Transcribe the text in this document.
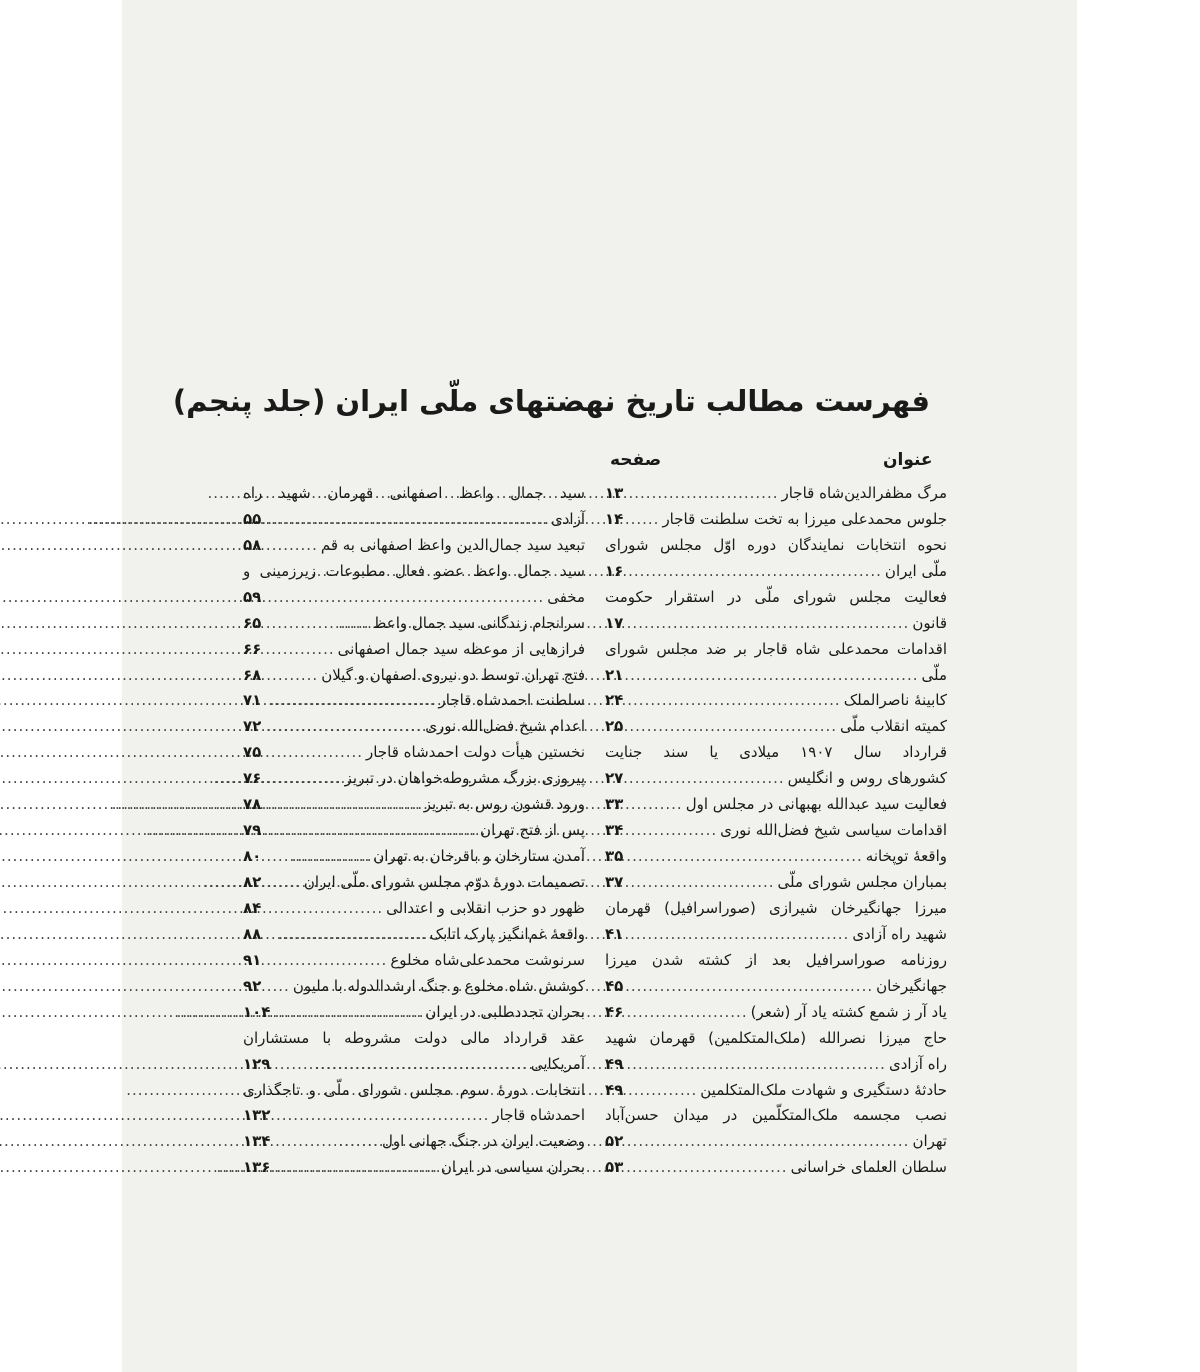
فهرست مطالب تاریخ نهضتهای ملّی ایران (جلد پنجم)
عنوان
صفحه
مرگ مظفرالدین‌شاه قاجار
.....
۱۳
جلوس محمدعلی میرزا به تخت سلطنت قاجار
.....
۱۴
نحوه انتخابات نمایندگان دوره اوّل مجلس شورای
ملّی ایران
.....
۱۶
فعالیت مجلس شورای ملّی در استقرار حکومت
قانون
.....
۱۷
اقدامات محمدعلی شاه قاجار بر ضد مجلس شورای
ملّی
.....
۲۱
کابینهٔ ناصرالملک
.....
۲۴
کمیته انقلاب ملّی
.....
۲۵
قرارداد سال ۱۹۰۷ میلادی یا سند جنایت
کشورهای روس و انگلیس
.....
۲۷
فعالیت سید عبدالله بهبهانی در مجلس اول
.....
۳۳
اقدامات سیاسی شیخ فضل‌الله نوری
.....
۳۴
واقعهٔ توپخانه
.....
۳۵
بمباران مجلس شورای ملّی
.....
۳۷
میرزا جهانگیرخان شیرازی (صوراسرافیل) قهرمان
شهید راه آزادی
.....
۴۱
روزنامه صوراسرافیل بعد از کشته شدن میرزا
جهانگیرخان
.....
۴۵
یاد آر ز شمع کشته یاد آر (شعر)
.....
۴۶
حاج میرزا نصرالله (ملک‌المتکلمین) قهرمان شهید
راه آزادی
.....
۴۹
حادثهٔ دستگیری و شهادت ملک‌المتکلمین
.....
۴۹
نصب مجسمه ملک‌المتکلّمین در میدان حسن‌آباد
تهران
.....
۵۲
سلطان العلمای خراسانی
.....
۵۳
سید جمال واعظ اصفهانی قهرمان شهید راه
آزادی
.....
۵۵
تبعید سید جمال‌الدین واعظ اصفهانی به قم
.....
۵۸
سید جمال واعظ عضو فعال مطبوعات زیرزمینی و
مخفی
.....
۵۹
سرانجام زندگانی سید جمال واعظ
.....
۶۵
فرازهایی از موعظه سید جمال اصفهانی
.....
۶۶
فتح تهران توسط دو نیروی اصفهان و گیلان
.....
۶۸
سلطنت احمدشاه قاجار
.....
۷۱
اعدام شیخ فضل‌الله نوری
.....
۷۲
نخستین هیأت دولت احمدشاه قاجار
.....
۷۵
پیروزی بزرگ مشروطه‌خواهان در تبریز
.....
۷۶
ورود قشون روس به تبریز
.....
۷۸
پس از فتح تهران
.....
۷۹
آمدن ستارخان و باقرخان به تهران
.....
۸۰
تصمیمات دورهٔ دوّم مجلس شورای ملّی ایران
.....
۸۲
ظهور دو حزب انقلابی و اعتدالی
.....
۸۴
واقعهٔ غم‌انگیز پارک اتابک
.....
۸۸
سرنوشت محمدعلی‌شاه مخلوع
.....
۹۱
کوشش شاه مخلوع و جنگ ارشدالدوله با ملیون
.....
۹۲
بحران تجددطلبی در ایران
.....
۱۰۴
عقد قرارداد مالی دولت مشروطه با مستشاران
آمریکایی
.....
۱۲۹
انتخابات دورهٔ سوم مجلس شورای ملّی و تاجگذاری
احمدشاه قاجار
.....
۱۳۲
وضعیت ایران در جنگ جهانی اول
.....
۱۳۴
بحران سیاسی در ایران
.....
۱۳۶
